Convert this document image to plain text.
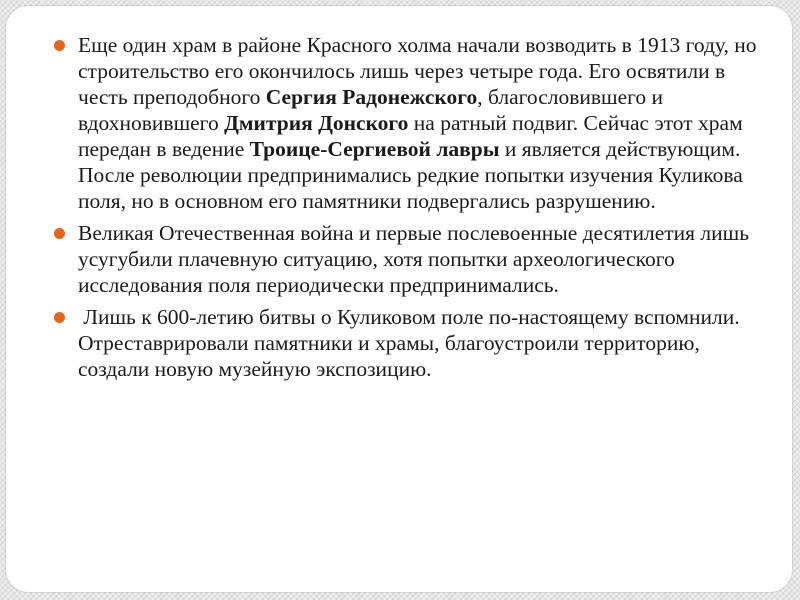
Еще один храм в районе Красного холма начали возводить в 1913 году, но строительство его окончилось лишь через четыре года. Его освятили в честь преподобного Сергия Радонежского, благословившего и вдохновившего Дмитрия Донского на ратный подвиг. Сейчас этот храм передан в ведение Троице-Сергиевой лавры и является действующим. После революции предпринимались редкие попытки изучения Куликова поля, но в основном его памятники подвергались разрушению.
Великая Отечественная война и первые послевоенные десятилетия лишь усугубили плачевную ситуацию, хотя попытки археологического исследования поля периодически предпринимались.
Лишь к 600-летию битвы о Куликовом поле по-настоящему вспомнили. Отреставрировали памятники и храмы, благоустроили территорию, создали новую музейную экспозицию.
